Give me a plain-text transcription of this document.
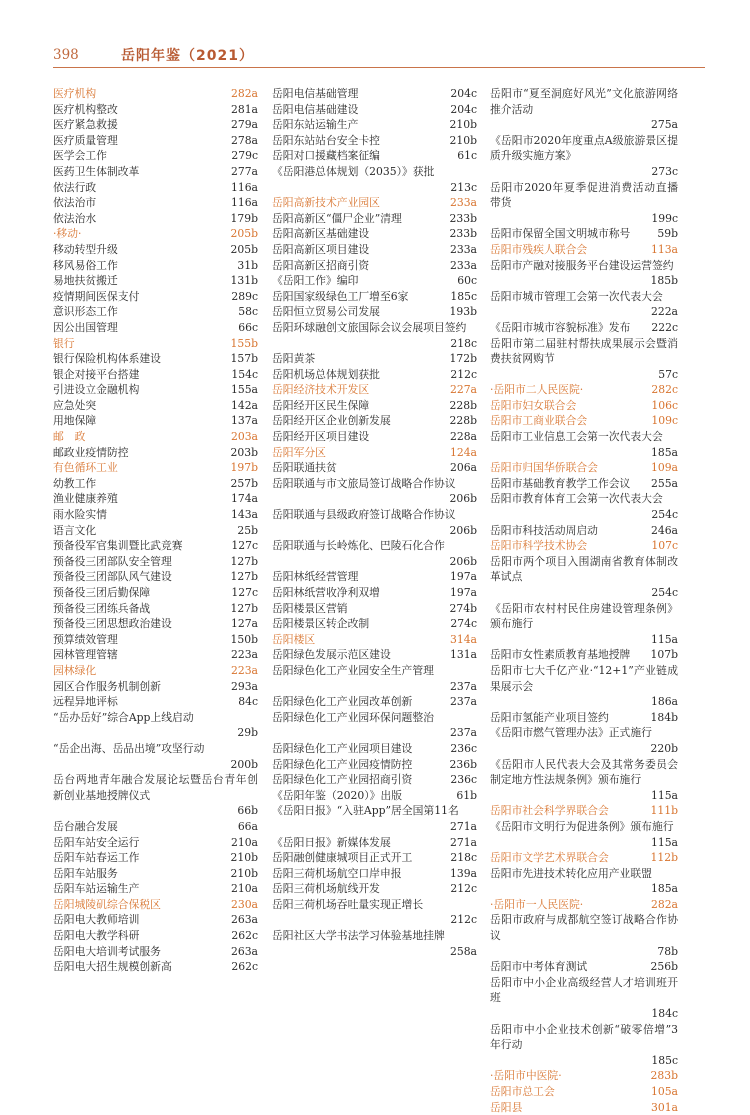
398	岳阳年鉴（2021）
医疗机构	282a
医疗机构整改	281a
医疗紧急救援	279a
医疗质量管理	278a
医学会工作	279c
医药卫生体制改革	277a
依法行政	116a
依法治市	116a
依法治水	179b
·移动·	205b
移动转型升级	205b
移风易俗工作	31b
易地扶贫搬迁	131b
疫情期间医保支付	289c
意识形态工作	58c
因公出国管理	66c
银行	155b
银行保险机构体系建设	157b
银企对接平台搭建	154c
引进设立金融机构	155a
应急处突	142a
用地保障	137a
邮　政	203a
邮政业疫情防控	203b
有色循环工业	197b
幼教工作	257b
渔业健康养殖	174a
雨水险实情	143a
语言文化	25b
预备役军官集训暨比武竞赛	127c
预备役三团部队安全管理	127b
预备役三团部队风气建设	127b
预备役三团后勤保障	127c
预备役三团练兵备战	127b
预备役三团思想政治建设	127a
预算绩效管理	150b
园林管理管辖	223a
园林绿化	223a
园区合作服务机制创新	293a
远程异地评标	84c
“岳办岳好”综合App上线启动
29b
“岳企出海、岳品出境”攻坚行动
200b
岳台两地青年融合发展论坛暨岳台青年创新创业基地授牌仪式
66b
岳台融合发展	66a
岳阳车站安全运行	210a
岳阳车站春运工作	210b
岳阳车站服务	210b
岳阳车站运输生产	210a
岳阳城陵矶综合保税区	230a
岳阳电大教师培训	263a
岳阳电大教学科研	262c
岳阳电大培训考试服务	263a
岳阳电大招生规模创新高	262c
岳阳电信基础管理	204c
岳阳电信基础建设	204c
岳阳东站运输生产	210b
岳阳东站站台安全卡控	210b
岳阳对口援藏档案征编	61c
《岳阳港总体规划（2035）》获批
213c
岳阳高新技术产业园区	233a
岳阳高新区“僵尸企业”清理	233b
岳阳高新区基础建设	233b
岳阳高新区项目建设	233a
岳阳高新区招商引资	233a
《岳阳工作》编印	60c
岳阳国家级绿色工厂增至6家	185c
岳阳恒立贸易公司发展	193b
岳阳环球融创文旅国际会议会展项目签约
218c
岳阳黄茶	172b
岳阳机场总体规划获批	212c
岳阳经济技术开发区	227a
岳阳经开区民生保障	228b
岳阳经开区企业创新发展	228b
岳阳经开区项目建设	228a
岳阳军分区	124a
岳阳联通扶贫	206a
岳阳联通与市文旅局签订战略合作协议
206b
岳阳联通与县级政府签订战略合作协议
206b
岳阳联通与长岭炼化、巴陵石化合作
206b
岳阳林纸经营管理	197a
岳阳林纸营收净利双增	197a
岳阳楼景区营销	274b
岳阳楼景区转企改制	274c
岳阳楼区	314a
岳阳绿色发展示范区建设	131a
岳阳绿色化工产业园安全生产管理
237a
岳阳绿色化工产业园改革创新	237a
岳阳绿色化工产业园环保问题整治
237a
岳阳绿色化工产业园项目建设	236c
岳阳绿色化工产业园疫情防控	236b
岳阳绿色化工产业园招商引资	236c
《岳阳年鉴（2020）》出版	61b
《岳阳日报》“入驻App”居全国第11名
271a
《岳阳日报》新媒体发展	271a
岳阳融创健康城项目正式开工	218c
岳阳三荷机场航空口岸申报	139a
岳阳三荷机场航线开发	212c
岳阳三荷机场吞吐量实现正增长
212c
岳阳社区大学书法学习体验基地挂牌
258a
岳阳市“夏至洞庭好风光”文化旅游网络推介活动
275a
《岳阳市2020年度重点A级旅游景区提质升级实施方案》
273c
岳阳市2020年夏季促进消费活动直播带货
199c
岳阳市保留全国文明城市称号	59b
岳阳市残疾人联合会	113a
岳阳市产融对接服务平台建设运营签约
185b
岳阳市城市管理工会第一次代表大会
222a
《岳阳市城市容貌标准》发布	222c
岳阳市第二届驻村帮扶成果展示会暨消费扶贫网购节
57c
·岳阳市二人民医院·	282c
岳阳市妇女联合会	106c
岳阳市工商业联合会	109c
岳阳市工业信息工会第一次代表大会
185a
岳阳市归国华侨联合会	109a
岳阳市基础教育教学工作会议	255a
岳阳市教育体育工会第一次代表大会
254c
岳阳市科技活动周启动	246a
岳阳市科学技术协会	107c
岳阳市两个项目入围湖南省教育体制改革试点
254c
《岳阳市农村村民住房建设管理条例》颁布施行
115a
岳阳市女性素质教育基地授牌	107b
岳阳市七大千亿产业·“12+1”产业链成果展示会
186a
岳阳市氢能产业项目签约	184b
《岳阳市燃气管理办法》正式施行
220b
《岳阳市人民代表大会及其常务委员会制定地方性法规条例》颁布施行
115a
岳阳市社会科学界联合会	111b
《岳阳市文明行为促进条例》颁布施行
115a
岳阳市文学艺术界联合会	112b
岳阳市先进技术转化应用产业联盟
185a
·岳阳市一人民医院·	282a
岳阳市政府与成都航空签订战略合作协议
78b
岳阳市中考体育测试	256b
岳阳市中小企业高级经营人才培训班开班
184c
岳阳市中小企业技术创新“破零倍增”3年行动
185c
·岳阳市中医院·	283b
岳阳市总工会	105a
岳阳县	301a
